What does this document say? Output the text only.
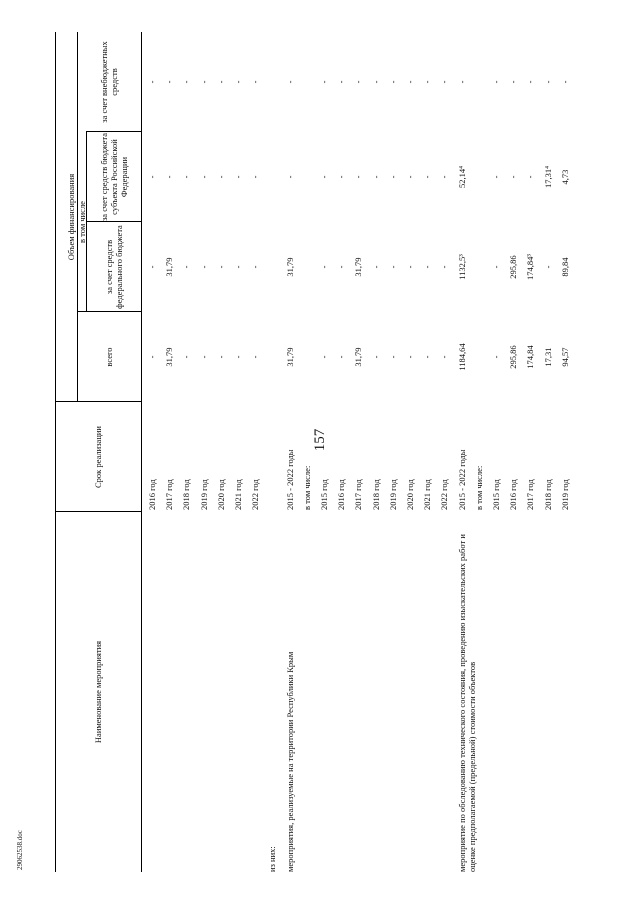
157
29062538.doc
Наименование мероприятия
Срок реализации
Объем финансирования
всего
в том числе
за счет средств федерального бюджета
за счет средств бюджета субъекта Российской Федерации
за счет внебюджетных средств
2016 год
-
-
-
-
2017 год
31,79
31,79
-
-
2018 год
-
-
-
-
2019 год
-
-
-
-
2020 год
-
-
-
-
2021 год
-
-
-
-
2022 год
-
-
-
-
из них: мероприятия, реализуемые на территории Республики Крым
2015 - 2022 годы
31,79
31,79
-
-
в том числе: 2015 год
-
-
-
-
2016 год
-
-
-
-
2017 год
31,79
31,79
-
-
2018 год
-
-
-
-
2019 год
-
-
-
-
2020 год
-
-
-
-
2021 год
-
-
-
-
2022 год
-
-
-
-
мероприятие по обследованию технического состояния, проведению изыскательских работ и оценке предполагаемой (предельной) стоимости объектов
2015 - 2022 годы
1184,64
1132,5³
52,14⁴
-
в том числе: 2015 год
-
-
-
-
2016 год
295,86
295,86
-
-
2017 год
174,84
174,84³
-
-
2018 год
17,31
-
17,31⁴
-
2019 год
94,57
89,84
4,73
-
